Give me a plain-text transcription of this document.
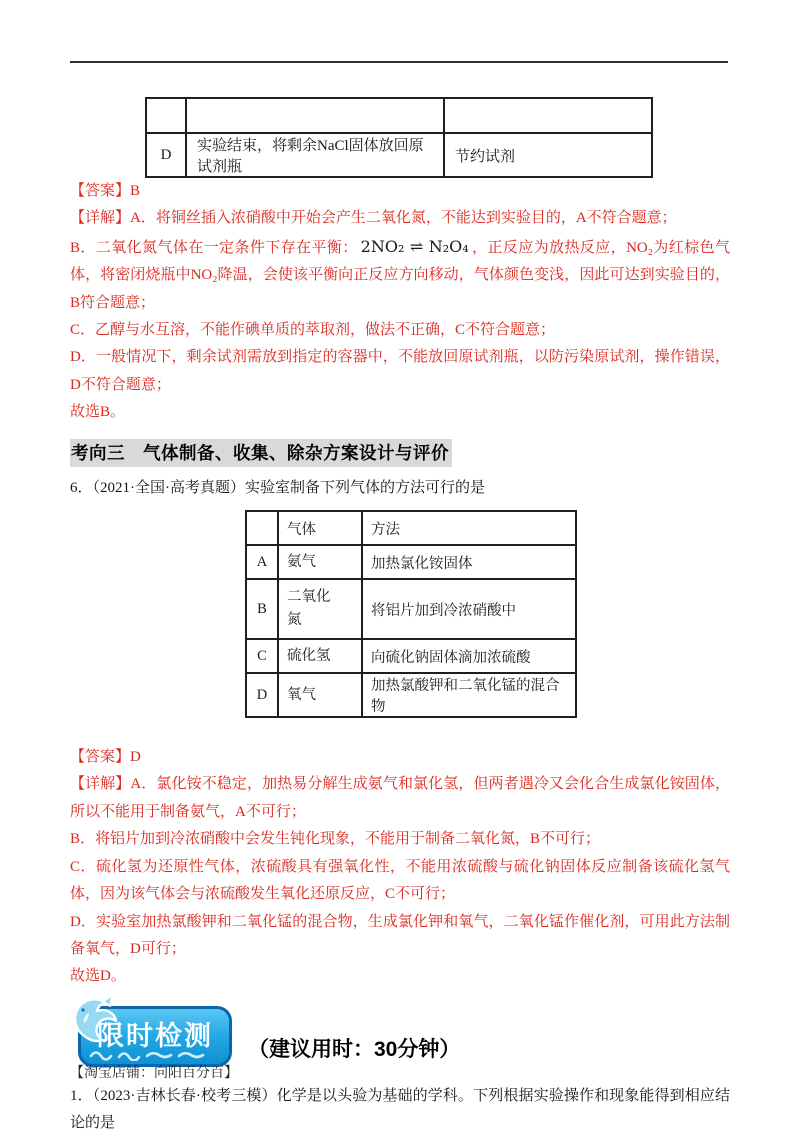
D	实验结束，将剩余NaCl固体放回原试剂瓶	节约试剂

【答案】B

【详解】A．将铜丝插入浓硝酸中开始会产生二氧化氮，不能达到实验目的，A不符合题意；

B．二氧化氮气体在一定条件下存在平衡： 2NO₂ ⇌ N₂O₄ ，正反应为放热反应，NO₂为红棕色气体，将密闭烧瓶中NO₂降温，会使该平衡向正反应方向移动，气体颜色变浅，因此可达到实验目的，B符合题意；

C．乙醇与水互溶，不能作碘单质的萃取剂，做法不正确，C不符合题意；

D．一般情况下，剩余试剂需放到指定的容器中，不能放回原试剂瓶，以防污染原试剂，操作错误，D不符合题意；

故选B。

考向三　气体制备、收集、除杂方案设计与评价

6．（2021·全国·高考真题）实验室制备下列气体的方法可行的是

	气体	方法
A	氨气	加热氯化铵固体
B	二氧化氮	将铝片加到冷浓硝酸中
C	硫化氢	向硫化钠固体滴加浓硫酸
D	氧气	加热氯酸钾和二氧化锰的混合物

【答案】D

【详解】A．氯化铵不稳定，加热易分解生成氨气和氯化氢，但两者遇冷又会化合生成氯化铵固体，所以不能用于制备氨气，A不可行；

B．将铝片加到冷浓硝酸中会发生钝化现象，不能用于制备二氧化氮，B不可行；

C．硫化氢为还原性气体，浓硫酸具有强氧化性，不能用浓硫酸与硫化钠固体反应制备该硫化氢气体，因为该气体会与浓硫酸发生氧化还原反应，C不可行；

D．实验室加热氯酸钾和二氧化锰的混合物，生成氯化钾和氧气，二氧化锰作催化剂，可用此方法制备氧气，D可行；

故选D。

限时检测 （建议用时：30分钟）

1．（2023·吉林长春·校考三模）化学是以头验为基础的学科。下列根据实验操作和现象能得到相应结论的是

【淘宝店铺：向阳百分百】
